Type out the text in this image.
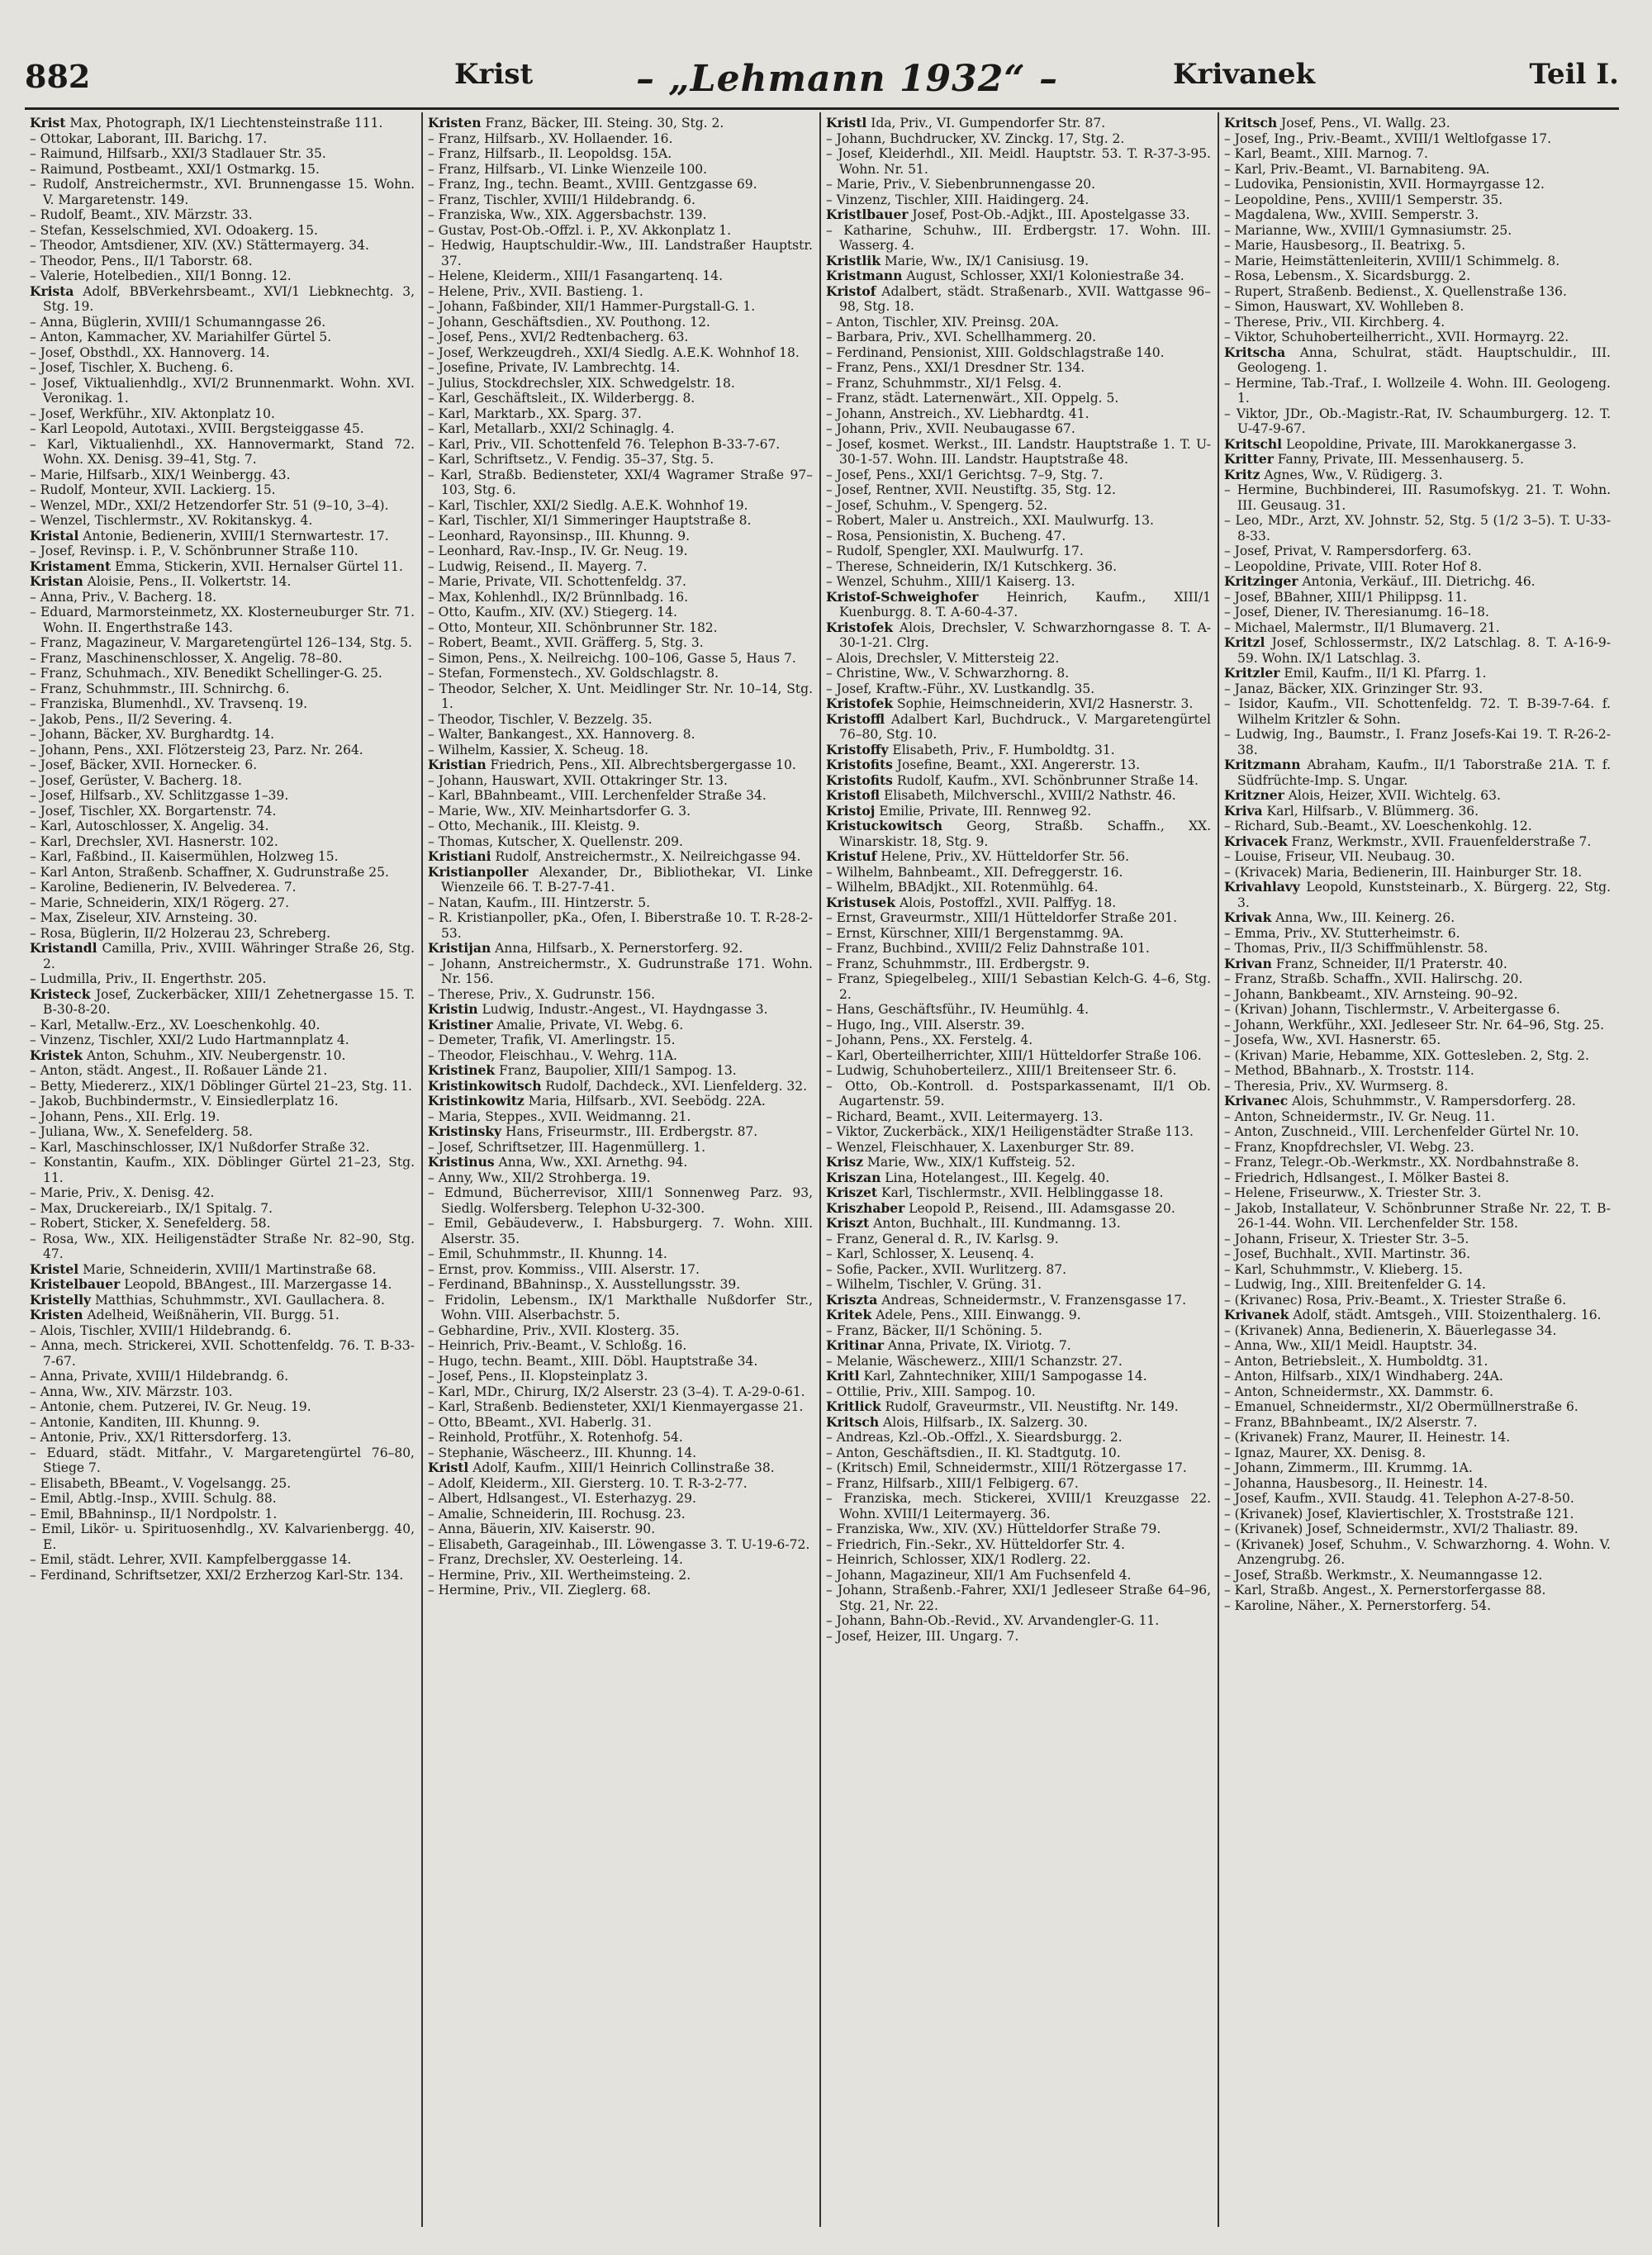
882	Krist	– „Lehmann 1932“ –	Krivanek	Teil I.

Krist Max, Photograph, IX/1 Liechtensteinstraße 111.

– Ottokar, Laborant, III. Barichg. 17.

– Raimund, Hilfsarb., XXI/3 Stadlauer Str. 35.

– Raimund, Postbeamt., XXI/1 Ostmarkg. 15.

– Rudolf, Anstreichermstr., XVI. Brunnengasse 15. Wohn. V. Margaretenstr. 149.

– Rudolf, Beamt., XIV. Märzstr. 33.

– Stefan, Kesselschmied, XVI. Odoakerg. 15.

– Theodor, Amtsdiener, XIV. (XV.) Stättermayerg. 34.

– Theodor, Pens., II/1 Taborstr. 68.

– Valerie, Hotelbedien., XII/1 Bonng. 12.

Krista Adolf, BBVerkehrsbeamt., XVI/1 Liebknechtg. 3, Stg. 19.

– Anna, Büglerin, XVIII/1 Schumanngasse 26.

– Anton, Kammacher, XV. Mariahilfer Gürtel 5.

– Josef, Obsthdl., XX. Hannoverg. 14.

– Josef, Tischler, X. Bucheng. 6.

– Josef, Viktualienhdlg., XVI/2 Brunnenmarkt. Wohn. XVI. Veronikag. 1.

– Josef, Werkführ., XIV. Aktonplatz 10.

– Karl Leopold, Autotaxi., XVIII. Bergsteiggasse 45.

– Karl, Viktualienhdl., XX. Hannovermarkt, Stand 72. Wohn. XX. Denisg. 39–41, Stg. 7.

– Marie, Hilfsarb., XIX/1 Weinbergg. 43.

– Rudolf, Monteur, XVII. Lackierg. 15.

– Wenzel, MDr., XXI/2 Hetzendorfer Str. 51 (9–10, 3–4).

– Wenzel, Tischlermstr., XV. Rokitanskyg. 4.

Kristal Antonie, Bedienerin, XVIII/1 Sternwartestr. 17.

– Josef, Revinsp. i. P., V. Schönbrunner Straße 110.

Kristament Emma, Stickerin, XVII. Hernalser Gürtel 11.

Kristan Aloisie, Pens., II. Volkertstr. 14.

– Anna, Priv., V. Bacherg. 18.

– Eduard, Marmorsteinmetz, XX. Klosterneuburger Str. 71. Wohn. II. Engerthstraße 143.

– Franz, Magazineur, V. Margaretengürtel 126–134, Stg. 5.

– Franz, Maschinenschlosser, X. Angelig. 78–80.

– Franz, Schuhmach., XIV. Benedikt Schellinger-G. 25.

– Franz, Schuhmmstr., III. Schnirchg. 6.

– Franziska, Blumenhdl., XV. Travsenq. 19.

– Jakob, Pens., II/2 Severing. 4.

– Johann, Bäcker, XV. Burghardtg. 14.

– Johann, Pens., XXI. Flötzersteig 23, Parz. Nr. 264.

– Josef, Bäcker, XVII. Hornecker. 6.

– Josef, Gerüster, V. Bacherg. 18.

– Josef, Hilfsarb., XV. Schlitzgasse 1–39.

– Josef, Tischler, XX. Borgartenstr. 74.

– Karl, Autoschlosser, X. Angelig. 34.

– Karl, Drechsler, XVI. Hasnerstr. 102.

– Karl, Faßbind., II. Kaisermühlen, Holzweg 15.

– Karl Anton, Straßenb. Schaffner, X. Gudrunstraße 25.

– Karoline, Bedienerin, IV. Belvederea. 7.

– Marie, Schneiderin, XIX/1 Rögerg. 27.

– Max, Ziseleur, XIV. Arnsteing. 30.

– Rosa, Büglerin, II/2 Holzerau 23, Schreberg.

Kristandl Camilla, Priv., XVIII. Währinger Straße 26, Stg. 2.

– Ludmilla, Priv., II. Engerthstr. 205.

Kristeck Josef, Zuckerbäcker, XIII/1 Zehetnergasse 15. T. B-30-8-20.

– Karl, Metallw.-Erz., XV. Loeschenkohlg. 40.

– Vinzenz, Tischler, XXI/2 Ludo Hartmannplatz 4.

Kristek Anton, Schuhm., XIV. Neubergenstr. 10.

– Anton, städt. Angest., II. Roßauer Lände 21.

– Betty, Miedererz., XIX/1 Döblinger Gürtel 21–23, Stg. 11.

– Jakob, Buchbindermstr., V. Einsiedlerplatz 16.

– Johann, Pens., XII. Erlg. 19.

– Juliana, Ww., X. Senefelderg. 58.

– Karl, Maschinschlosser, IX/1 Nußdorfer Straße 32.

– Konstantin, Kaufm., XIX. Döblinger Gürtel 21–23, Stg. 11.

– Marie, Priv., X. Denisg. 42.

– Max, Druckereiarb., IX/1 Spitalg. 7.

– Robert, Sticker, X. Senefelderg. 58.

– Rosa, Ww., XIX. Heiligenstädter Straße Nr. 82–90, Stg. 47.

Kristel Marie, Schneiderin, XVIII/1 Martinstraße 68.

Kristelbauer Leopold, BBAngest., III. Marzergasse 14.

Kristelly Matthias, Schuhmmstr., XVI. Gaullachera. 8.

Kristen Adelheid, Weißnäherin, VII. Burgg. 51.

– Alois, Tischler, XVIII/1 Hildebrandg. 6.

– Anna, mech. Strickerei, XVII. Schottenfeldg. 76. T. B-33-7-67.

– Anna, Private, XVIII/1 Hildebrandg. 6.

– Anna, Ww., XIV. Märzstr. 103.

– Antonie, chem. Putzerei, IV. Gr. Neug. 19.

– Antonie, Kanditen, III. Khunng. 9.

– Antonie, Priv., XX/1 Rittersdorferg. 13.

– Eduard, städt. Mitfahr., V. Margaretengürtel 76–80, Stiege 7.

– Elisabeth, BBeamt., V. Vogelsangg. 25.

– Emil, Abtlg.-Insp., XVIII. Schulg. 88.

– Emil, BBahninsp., II/1 Nordpolstr. 1.

– Emil, Likör- u. Spirituosenhdlg., XV. Kalvarienbergg. 40, E.

– Emil, städt. Lehrer, XVII. Kampfelberggasse 14.

– Ferdinand, Schriftsetzer, XXI/2 Erzherzog Karl-Str. 134.

Kristen Franz, Bäcker, III. Steing. 30, Stg. 2.

– Franz, Hilfsarb., XV. Hollaender. 16.

– Franz, Hilfsarb., II. Leopoldsg. 15A.

– Franz, Hilfsarb., VI. Linke Wienzeile 100.

– Franz, Ing., techn. Beamt., XVIII. Gentzgasse 69.

– Franz, Tischler, XVIII/1 Hildebrandg. 6.

– Franziska, Ww., XIX. Aggersbachstr. 139.

– Gustav, Post-Ob.-Offzl. i. P., XV. Akkonplatz 1.

– Hedwig, Hauptschuldir.-Ww., III. Landstraßer Hauptstr. 37.

– Helene, Kleiderm., XIII/1 Fasangartenq. 14.

– Helene, Priv., XVII. Bastieng. 1.

– Johann, Faßbinder, XII/1 Hammer-Purgstall-G. 1.

– Johann, Geschäftsdien., XV. Pouthong. 12.

– Josef, Pens., XVI/2 Redtenbacherg. 63.

– Josef, Werkzeugdreh., XXI/4 Siedlg. A.E.K. Wohnhof 18.

– Josefine, Private, IV. Lambrechtg. 14.

– Julius, Stockdrechsler, XIX. Schwedgelstr. 18.

– Karl, Geschäftsleit., IX. Wilderbergg. 8.

– Karl, Marktarb., XX. Sparg. 37.

– Karl, Metallarb., XXI/2 Schinaglg. 4.

– Karl, Priv., VII. Schottenfeld 76. Telephon B-33-7-67.

– Karl, Schriftsetz., V. Fendig. 35–37, Stg. 5.

– Karl, Straßb. Bediensteter, XXI/4 Wagramer Straße 97–103, Stg. 6.

– Karl, Tischler, XXI/2 Siedlg. A.E.K. Wohnhof 19.

– Karl, Tischler, XI/1 Simmeringer Hauptstraße 8.

– Leonhard, Rayonsinsp., III. Khunng. 9.

– Leonhard, Rav.-Insp., IV. Gr. Neug. 19.

– Ludwig, Reisend., II. Mayerg. 7.

– Marie, Private, VII. Schottenfeldg. 37.

– Max, Kohlenhdl., IX/2 Brünnlbadg. 16.

– Otto, Kaufm., XIV. (XV.) Stiegerg. 14.

– Otto, Monteur, XII. Schönbrunner Str. 182.

– Robert, Beamt., XVII. Gräfferg. 5, Stg. 3.

– Simon, Pens., X. Neilreichg. 100–106, Gasse 5, Haus 7.

– Stefan, Formenstech., XV. Goldschlagstr. 8.

– Theodor, Selcher, X. Unt. Meidlinger Str. Nr. 10–14, Stg. 1.

– Theodor, Tischler, V. Bezzelg. 35.

– Walter, Bankangest., XX. Hannoverg. 8.

– Wilhelm, Kassier, X. Scheug. 18.

Kristian Friedrich, Pens., XII. Albrechtsbergergasse 10.

– Johann, Hauswart, XVII. Ottakringer Str. 13.

– Karl, BBahnbeamt., VIII. Lerchenfelder Straße 34.

– Marie, Ww., XIV. Meinhartsdorfer G. 3.

– Otto, Mechanik., III. Kleistg. 9.

– Thomas, Kutscher, X. Quellenstr. 209.

Kristiani Rudolf, Anstreichermstr., X. Neilreichgasse 94.

Kristianpoller Alexander, Dr., Bibliothekar, VI. Linke Wienzeile 66. T. B-27-7-41.

– Natan, Kaufm., III. Hintzerstr. 5.

– R. Kristianpoller, pKa., Ofen, I. Biberstraße 10. T. R-28-2-53.

Kristijan Anna, Hilfsarb., X. Pernerstorferg. 92.

– Johann, Anstreichermstr., X. Gudrunstraße 171. Wohn. Nr. 156.

– Therese, Priv., X. Gudrunstr. 156.

Kristin Ludwig, Industr.-Angest., VI. Haydngasse 3.

Kristiner Amalie, Private, VI. Webg. 6.

– Demeter, Trafik, VI. Amerlingstr. 15.

– Theodor, Fleischhau., V. Wehrg. 11A.

Kristinek Franz, Baupolier, XIII/1 Sampog. 13.

Kristinkowitsch Rudolf, Dachdeck., XVI. Lienfelderg. 32.

Kristinkowitz Maria, Hilfsarb., XVI. Seebödg. 22A.

– Maria, Steppes., XVII. Weidmanng. 21.

Kristinsky Hans, Friseurmstr., III. Erdbergstr. 87.

– Josef, Schriftsetzer, III. Hagenmüllerg. 1.

Kristinus Anna, Ww., XXI. Arnethg. 94.

– Anny, Ww., XII/2 Strohberga. 19.

– Edmund, Bücherrevisor, XIII/1 Sonnenweg Parz. 93, Siedlg. Wolfersberg. Telephon U-32-300.

– Emil, Gebäudeverw., I. Habsburgerg. 7. Wohn. XIII. Alserstr. 35.

– Emil, Schuhmmstr., II. Khunng. 14.

– Ernst, prov. Kommiss., VIII. Alserstr. 17.

– Ferdinand, BBahninsp., X. Ausstellungsstr. 39.

– Fridolin, Lebensm., IX/1 Markthalle Nußdorfer Str., Wohn. VIII. Alserbachstr. 5.

– Gebhardine, Priv., XVII. Klosterg. 35.

– Heinrich, Priv.-Beamt., V. Schloßg. 16.

– Hugo, techn. Beamt., XIII. Döbl. Hauptstraße 34.

– Josef, Pens., II. Klopsteinplatz 3.

– Karl, MDr., Chirurg, IX/2 Alserstr. 23 (3–4). T. A-29-0-61.

– Karl, Straßenb. Bediensteter, XXI/1 Kienmayergasse 21.

– Otto, BBeamt., XVI. Haberlg. 31.

– Reinhold, Protführ., X. Rotenhofg. 54.

– Stephanie, Wäscheerz., III. Khunng. 14.

Kristl Adolf, Kaufm., XIII/1 Heinrich Collinstraße 38.

– Adolf, Kleiderm., XII. Giersterg. 10. T. R-3-2-77.

– Albert, Hdlsangest., VI. Esterhazyg. 29.

– Amalie, Schneiderin, III. Rochusg. 23.

– Anna, Bäuerin, XIV. Kaiserstr. 90.

– Elisabeth, Garageinhab., III. Löwengasse 3. T. U-19-6-72.

– Franz, Drechsler, XV. Oesterleing. 14.

– Hermine, Priv., XII. Wertheimsteing. 2.

– Hermine, Priv., VII. Zieglerg. 68.

Kristl Ida, Priv., VI. Gumpendorfer Str. 87.

– Johann, Buchdrucker, XV. Zinckg. 17, Stg. 2.

– Josef, Kleiderhdl., XII. Meidl. Hauptstr. 53. T. R-37-3-95. Wohn. Nr. 51.

– Marie, Priv., V. Siebenbrunnengasse 20.

– Vinzenz, Tischler, XIII. Haidingerg. 24.

Kristlbauer Josef, Post-Ob.-Adjkt., III. Apostelgasse 33.

– Katharine, Schuhw., III. Erdbergstr. 17. Wohn. III. Wasserg. 4.

Kristlik Marie, Ww., IX/1 Canisiusg. 19.

Kristmann August, Schlosser, XXI/1 Koloniestraße 34.

Kristof Adalbert, städt. Straßenarb., XVII. Wattgasse 96–98, Stg. 18.

– Anton, Tischler, XIV. Preinsg. 20A.

– Barbara, Priv., XVI. Schellhammerg. 20.

– Ferdinand, Pensionist, XIII. Goldschlagstraße 140.

– Franz, Pens., XXI/1 Dresdner Str. 134.

– Franz, Schuhmmstr., XI/1 Felsg. 4.

– Franz, städt. Laternenwärt., XII. Oppelg. 5.

– Johann, Anstreich., XV. Liebhardtg. 41.

– Johann, Priv., XVII. Neubaugasse 67.

– Josef, kosmet. Werkst., III. Landstr. Hauptstraße 1. T. U-30-1-57. Wohn. III. Landstr. Hauptstraße 48.

– Josef, Pens., XXI/1 Gerichtsg. 7–9, Stg. 7.

– Josef, Rentner, XVII. Neustiftg. 35, Stg. 12.

– Josef, Schuhm., V. Spengerg. 52.

– Robert, Maler u. Anstreich., XXI. Maulwurfg. 13.

– Rosa, Pensionistin, X. Bucheng. 47.

– Rudolf, Spengler, XXI. Maulwurfg. 17.

– Therese, Schneiderin, IX/1 Kutschkerg. 36.

– Wenzel, Schuhm., XIII/1 Kaiserg. 13.

Kristof-Schweighofer Heinrich, Kaufm., XIII/1 Kuenburgg. 8. T. A-60-4-37.

Kristofek Alois, Drechsler, V. Schwarzhorngasse 8. T. A-30-1-21. Clrg.

– Alois, Drechsler, V. Mittersteig 22.

– Christine, Ww., V. Schwarzhorng. 8.

– Josef, Kraftw.-Führ., XV. Lustkandlg. 35.

Kristofek Sophie, Heimschneiderin, XVI/2 Hasnerstr. 3.

Kristoffl Adalbert Karl, Buchdruck., V. Margaretengürtel 76–80, Stg. 10.

Kristoffy Elisabeth, Priv., F. Humboldtg. 31.

Kristofits Josefine, Beamt., XXI. Angererstr. 13.

Kristofits Rudolf, Kaufm., XVI. Schönbrunner Straße 14.

Kristofl Elisabeth, Milchverschl., XVIII/2 Nathstr. 46.

Kristoj Emilie, Private, III. Rennweg 92.

Kristuckowitsch Georg, Straßb. Schaffn., XX. Winarskistr. 18, Stg. 9.

Kristuf Helene, Priv., XV. Hütteldorfer Str. 56.

– Wilhelm, Bahnbeamt., XII. Defreggerstr. 16.

– Wilhelm, BBAdjkt., XII. Rotenmühlg. 64.

Kristusek Alois, Postoffzl., XVII. Palffyg. 18.

– Ernst, Graveurmstr., XIII/1 Hütteldorfer Straße 201.

– Ernst, Kürschner, XIII/1 Bergenstammg. 9A.

– Franz, Buchbind., XVIII/2 Feliz Dahnstraße 101.

– Franz, Schuhmmstr., III. Erdbergstr. 9.

– Franz, Spiegelbeleg., XIII/1 Sebastian Kelch-G. 4–6, Stg. 2.

– Hans, Geschäftsführ., IV. Heumühlg. 4.

– Hugo, Ing., VIII. Alserstr. 39.

– Johann, Pens., XX. Ferstelg. 4.

– Karl, Oberteilherrichter, XIII/1 Hütteldorfer Straße 106.

– Ludwig, Schuhoberteilerz., XIII/1 Breitenseer Str. 6.

– Otto, Ob.-Kontroll. d. Postsparkassenamt, II/1 Ob. Augartenstr. 59.

– Richard, Beamt., XVII. Leitermayerg. 13.

– Viktor, Zuckerbäck., XIX/1 Heiligenstädter Straße 113.

– Wenzel, Fleischhauer, X. Laxenburger Str. 89.

Krisz Marie, Ww., XIX/1 Kuffsteig. 52.

Kriszan Lina, Hotelangest., III. Kegelg. 40.

Kriszet Karl, Tischlermstr., XVII. Helblinggasse 18.

Kriszhaber Leopold P., Reisend., III. Adamsgasse 20.

Kriszt Anton, Buchhalt., III. Kundmanng. 13.

– Franz, General d. R., IV. Karlsg. 9.

– Karl, Schlosser, X. Leusenq. 4.

– Sofie, Packer., XVII. Wurlitzerg. 87.

– Wilhelm, Tischler, V. Grüng. 31.

Kriszta Andreas, Schneidermstr., V. Franzensgasse 17.

Kritek Adele, Pens., XIII. Einwangg. 9.

– Franz, Bäcker, II/1 Schöning. 5.

Kritinar Anna, Private, IX. Viriotg. 7.

– Melanie, Wäschewerz., XIII/1 Schanzstr. 27.

Kritl Karl, Zahntechniker, XIII/1 Sampogasse 14.

– Ottilie, Priv., XIII. Sampog. 10.

Kritlick Rudolf, Graveurmstr., VII. Neustiftg. Nr. 149.

Kritsch Alois, Hilfsarb., IX. Salzerg. 30.

– Andreas, Kzl.-Ob.-Offzl., X. Sieardsburgg. 2.

– Anton, Geschäftsdien., II. Kl. Stadtgutg. 10.

– (Kritsch) Emil, Schneidermstr., XIII/1 Rötzergasse 17.

– Franz, Hilfsarb., XIII/1 Felbigerg. 67.

– Franziska, mech. Stickerei, XVIII/1 Kreuzgasse 22. Wohn. XVIII/1 Leitermayerg. 36.

– Franziska, Ww., XIV. (XV.) Hütteldorfer Straße 79.

– Friedrich, Fin.-Sekr., XV. Hütteldorfer Str. 4.

– Heinrich, Schlosser, XIX/1 Rodlerg. 22.

– Johann, Magazineur, XII/1 Am Fuchsenfeld 4.

– Johann, Straßenb.-Fahrer, XXI/1 Jedleseer Straße 64–96, Stg. 21, Nr. 22.

– Johann, Bahn-Ob.-Revid., XV. Arvandengler-G. 11.

– Josef, Heizer, III. Ungarg. 7.

Kritsch Josef, Pens., VI. Wallg. 23.

– Josef, Ing., Priv.-Beamt., XVIII/1 Weltlofgasse 17.

– Karl, Beamt., XIII. Marnog. 7.

– Karl, Priv.-Beamt., VI. Barnabiteng. 9A.

– Ludovika, Pensionistin, XVII. Hormayrgasse 12.

– Leopoldine, Pens., XVIII/1 Semperstr. 35.

– Magdalena, Ww., XVIII. Semperstr. 3.

– Marianne, Ww., XVIII/1 Gymnasiumstr. 25.

– Marie, Hausbesorg., II. Beatrixg. 5.

– Marie, Heimstättenleiterin, XVIII/1 Schimmelg. 8.

– Rosa, Lebensm., X. Sicardsburgg. 2.

– Rupert, Straßenb. Bedienst., X. Quellenstraße 136.

– Simon, Hauswart, XV. Wohlleben 8.

– Therese, Priv., VII. Kirchberg. 4.

– Viktor, Schuhoberteilherricht., XVII. Hormayrg. 22.

Kritscha Anna, Schulrat, städt. Hauptschuldir., III. Geologeng. 1.

– Hermine, Tab.-Traf., I. Wollzeile 4. Wohn. III. Geologeng. 1.

– Viktor, JDr., Ob.-Magistr.-Rat, IV. Schaumburgerg. 12. T. U-47-9-67.

Kritschl Leopoldine, Private, III. Marokkanergasse 3.

Kritter Fanny, Private, III. Messenhauserg. 5.

Kritz Agnes, Ww., V. Rüdigerg. 3.

– Hermine, Buchbinderei, III. Rasumofskyg. 21. T. Wohn. III. Geusaug. 31.

– Leo, MDr., Arzt, XV. Johnstr. 52, Stg. 5 (1/2 3–5). T. U-33-8-33.

– Josef, Privat, V. Rampersdorferg. 63.

– Leopoldine, Private, VIII. Roter Hof 8.

Kritzinger Antonia, Verkäuf., III. Dietrichg. 46.

– Josef, BBahner, XIII/1 Philippsg. 11.

– Josef, Diener, IV. Theresianumg. 16–18.

– Michael, Malermstr., II/1 Blumaverg. 21.

Kritzl Josef, Schlossermstr., IX/2 Latschlag. 8. T. A-16-9-59. Wohn. IX/1 Latschlag. 3.

Kritzler Emil, Kaufm., II/1 Kl. Pfarrg. 1.

– Janaz, Bäcker, XIX. Grinzinger Str. 93.

– Isidor, Kaufm., VII. Schottenfeldg. 72. T. B-39-7-64. f. Wilhelm Kritzler & Sohn.

– Ludwig, Ing., Baumstr., I. Franz Josefs-Kai 19. T. R-26-2-38.

Kritzmann Abraham, Kaufm., II/1 Taborstraße 21A. T. f. Südfrüchte-Imp. S. Ungar.

Kritzner Alois, Heizer, XVII. Wichtelg. 63.

Kriva Karl, Hilfsarb., V. Blümmerg. 36.

– Richard, Sub.-Beamt., XV. Loeschenkohlg. 12.

Krivacek Franz, Werkmstr., XVII. Frauenfelderstraße 7.

– Louise, Friseur, VII. Neubaug. 30.

– (Krivacek) Maria, Bedienerin, III. Hainburger Str. 18.

Krivahlavy Leopold, Kunststeinarb., X. Bürgerg. 22, Stg. 3.

Krivak Anna, Ww., III. Keinerg. 26.

– Emma, Priv., XV. Stutterheimstr. 6.

– Thomas, Priv., II/3 Schiffmühlenstr. 58.

Krivan Franz, Schneider, II/1 Praterstr. 40.

– Franz, Straßb. Schaffn., XVII. Halirschg. 20.

– Johann, Bankbeamt., XIV. Arnsteing. 90–92.

– (Krivan) Johann, Tischlermstr., V. Arbeitergasse 6.

– Johann, Werkführ., XXI. Jedleseer Str. Nr. 64–96, Stg. 25.

– Josefa, Ww., XVI. Hasnerstr. 65.

– (Krivan) Marie, Hebamme, XIX. Gottesleben. 2, Stg. 2.

– Method, BBahnarb., X. Troststr. 114.

– Theresia, Priv., XV. Wurmserg. 8.

Krivanec Alois, Schuhmmstr., V. Rampersdorferg. 28.

– Anton, Schneidermstr., IV. Gr. Neug. 11.

– Anton, Zuschneid., VIII. Lerchenfelder Gürtel Nr. 10.

– Franz, Knopfdrechsler, VI. Webg. 23.

– Franz, Telegr.-Ob.-Werkmstr., XX. Nordbahnstraße 8.

– Friedrich, Hdlsangest., I. Mölker Bastei 8.

– Helene, Friseurww., X. Triester Str. 3.

– Jakob, Installateur, V. Schönbrunner Straße Nr. 22, T. B-26-1-44. Wohn. VII. Lerchenfelder Str. 158.

– Johann, Friseur, X. Triester Str. 3–5.

– Josef, Buchhalt., XVII. Martinstr. 36.

– Karl, Schuhmmstr., V. Klieberg. 15.

– Ludwig, Ing., XIII. Breitenfelder G. 14.

– (Krivanec) Rosa, Priv.-Beamt., X. Triester Straße 6.

Krivanek Adolf, städt. Amtsgeh., VIII. Stoizenthalerg. 16.

– (Krivanek) Anna, Bedienerin, X. Bäuerlegasse 34.

– Anna, Ww., XII/1 Meidl. Hauptstr. 34.

– Anton, Betriebsleit., X. Humboldtg. 31.

– Anton, Hilfsarb., XIX/1 Windhaberg. 24A.

– Anton, Schneidermstr., XX. Dammstr. 6.

– Emanuel, Schneidermstr., XI/2 Obermüllnerstraße 6.

– Franz, BBahnbeamt., IX/2 Alserstr. 7.

– (Krivanek) Franz, Maurer, II. Heinestr. 14.

– Ignaz, Maurer, XX. Denisg. 8.

– Johann, Zimmerm., III. Krummg. 1A.

– Johanna, Hausbesorg., II. Heinestr. 14.

– Josef, Kaufm., XVII. Staudg. 41. Telephon A-27-8-50.

– (Krivanek) Josef, Klaviertischler, X. Troststraße 121.

– (Krivanek) Josef, Schneidermstr., XVI/2 Thaliastr. 89.

– (Krivanek) Josef, Schuhm., V. Schwarzhorng. 4. Wohn. V. Anzengrubg. 26.

– Josef, Straßb. Werkmstr., X. Neumanngasse 12.

– Karl, Straßb. Angest., X. Pernerstorfergasse 88.

– Karoline, Näher., X. Pernerstorferg. 54.
